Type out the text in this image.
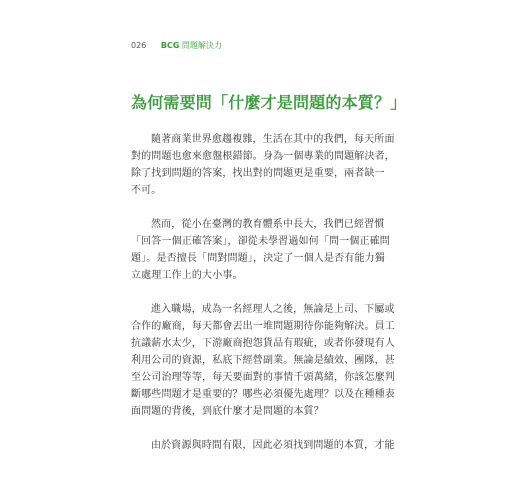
026 BCG 問題解決力
為何需要問「什麼才是問題的本質？」
隨著商業世界愈趨複雜，生活在其中的我們，每天所面
對的問題也愈來愈盤根錯節。身為一個專業的問題解決者，
除了找到問題的答案，找出對的問題更是重要，兩者缺一
不可。
然而，從小在臺灣的教育體系中長大，我們已經習慣
「回答一個正確答案」，卻從未學習過如何「問一個正確問
題」。是否擅長「問對問題」，決定了一個人是否有能力獨
立處理工作上的大小事。
進入職場，成為一名經理人之後，無論是上司、下屬或
合作的廠商，每天都會丟出一堆問題期待你能夠解決。員工
抗議薪水太少，下游廠商抱怨貨品有瑕疵，或者你發現有人
利用公司的資源，私底下經營副業。無論是績效、團隊，甚
至公司治理等等，每天要面對的事情千頭萬緒，你該怎麼判
斷哪些問題才是重要的？哪些必須優先處理？以及在種種表
面問題的背後，到底什麼才是問題的本質？
由於資源與時間有限，因此必須找到問題的本質，才能
